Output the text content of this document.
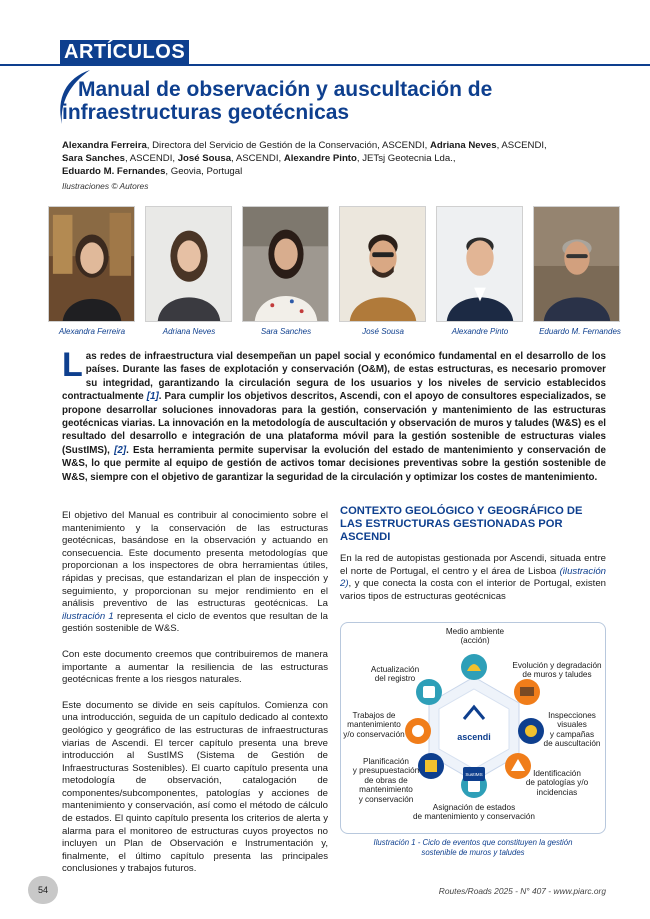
ARTÍCULOS
Manual de observación y auscultación de
infraestructuras geotécnicas
Alexandra Ferreira, Directora del Servicio de Gestión de la Conservación, ASCENDI, Adriana Neves, ASCENDI,
Sara Sanches, ASCENDI, José Sousa, ASCENDI, Alexandre Pinto, JETsj Geotecnia Lda.,
Eduardo M. Fernandes, Geovia, Portugal
Ilustraciones © Autores
Alexandra Ferreira	Adriana Neves	Sara Sanches	José Sousa	Alexandre Pinto	Eduardo M. Fernandes
Las redes de infraestructura vial desempeñan un papel social y económico fundamental en el desarrollo de los países. Durante las fases de explotación y conservación (O&M), de estas estructuras, es necesario promover su integridad, garantizando la circulación segura de los usuarios y los niveles de servicio establecidos contractualmente [1]. Para cumplir los objetivos descritos, Ascendi, con el apoyo de consultores especializados, se propone desarrollar soluciones innovadoras para la gestión, conservación y mantenimiento de las estructuras geotécnicas viarias. La innovación en la metodología de auscultación y observación de muros y taludes (W&S) es el resultado del desarrollo e integración de una plataforma móvil para la gestión sostenible de estructuras viales (SustIMS), [2]. Esta herramienta permite supervisar la evolución del estado de mantenimiento y conservación de W&S, lo que permite al equipo de gestión de activos tomar decisiones preventivas sobre la gestión sostenible de W&S, siempre con el objetivo de garantizar la seguridad de la circulación y optimizar los costes de mantenimiento.

El objetivo del Manual es contribuir al conocimiento sobre el mantenimiento y la conservación de las estructuras geotécnicas, basándose en la observación y actuando en consecuencia. Este documento presenta metodologías que proporcionan a los inspectores de obra herramientas útiles, rápidas y precisas, que estandarizan el plan de inspección y seguimiento, y proporcionan su mejor rendimiento en el análisis preventivo de las estructuras geotécnicas. La ilustración 1 representa el ciclo de eventos que resultan de la gestión sostenible de W&S.

Con este documento creemos que contribuiremos de manera importante a aumentar la resiliencia de las estructuras geotécnicas frente a los riesgos naturales.

Este documento se divide en seis capítulos. Comienza con una introducción, seguida de un capítulo dedicado al contexto geológico y geográfico de las estructuras de infraestructuras viarias de Ascendi. El tercer capítulo presenta una breve introducción al SustIMS (Sistema de Gestión de Infraestructuras Sostenibles). El cuarto capítulo presenta una metodología de observación, catalogación de componentes/subcomponentes, patologías y acciones de mantenimiento y conservación, así como el método de cálculo de estados. El quinto capítulo presenta los criterios de alerta y alarma para el monitoreo de estructuras cuyos proyectos no incluyen un Plan de Observación e Instrumentación y, finalmente, el último capítulo presenta las principales conclusiones y trabajos futuros.

CONTEXTO GEOLÓGICO Y GEOGRÁFICO DE LAS ESTRUCTURAS GESTIONADAS POR ASCENDI

En la red de autopistas gestionada por Ascendi, situada entre el norte de Portugal, el centro y el área de Lisboa (ilustración 2), y que conecta la costa con el interior de Portugal, existen varios tipos de estructuras geotécnicas

Medio ambiente
(acción)
Evolución y degradación
de muros y taludes
Inspecciones visuales
y campañas
de auscultación
Identificación
de patologías y/o incidencias
Asignación de estados
de mantenimiento y conservación
Planificación
y presupuestación
de obras de mantenimiento
y conservación
Trabajos de
mantenimiento
y/o conservación
Actualización
del registro
ascendi
SustIMS
Ilustración 1 - Ciclo de eventos que constituyen la gestión sostenible de muros y taludes
54	Routes/Roads 2025 - N° 407 - www.piarc.org
